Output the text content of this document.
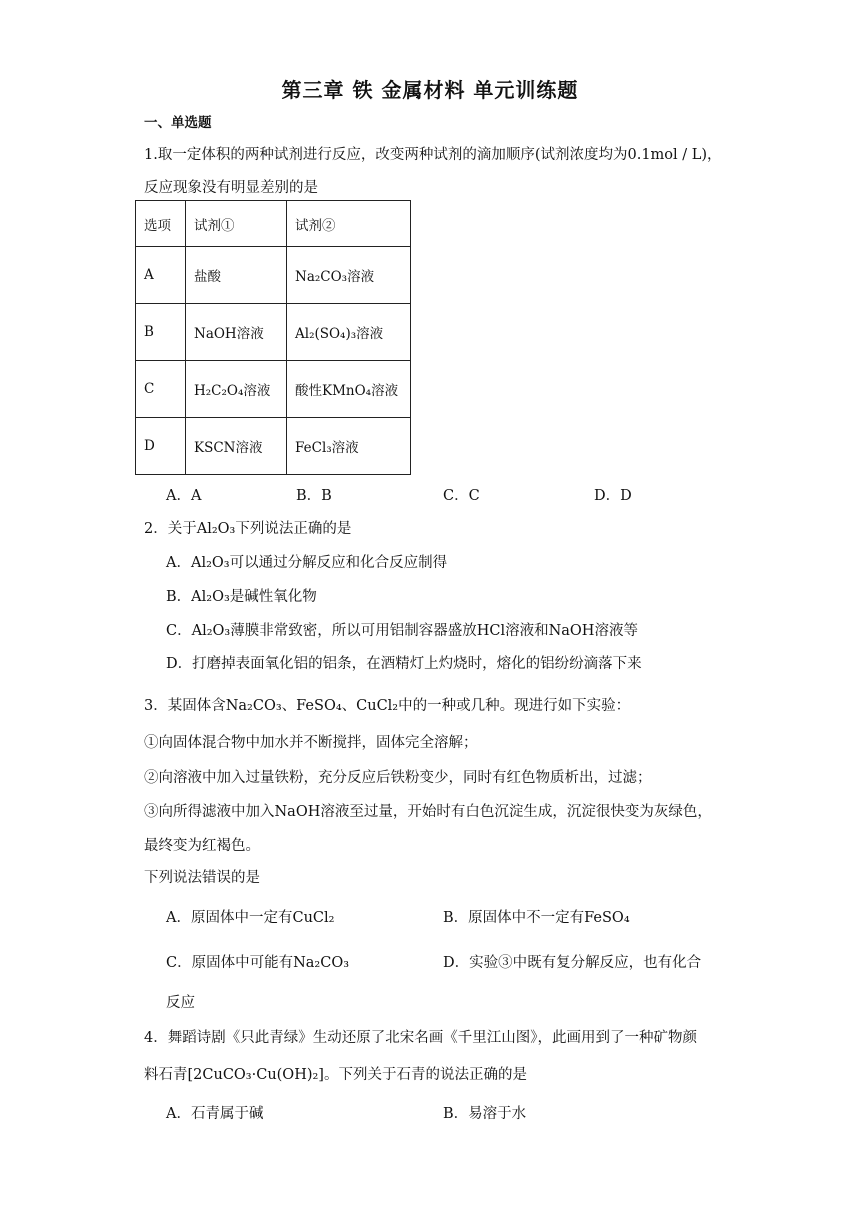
第三章 铁 金属材料 单元训练题
一、单选题
1.取一定体积的两种试剂进行反应，改变两种试剂的滴加顺序(试剂浓度均为0.1mol / L)，
反应现象没有明显差别的是
选项	试剂①	试剂②
A	盐酸	Na₂CO₃溶液
B	NaOH溶液	Al₂(SO₄)₃溶液
C	H₂C₂O₄溶液	酸性KMnO₄溶液
D	KSCN溶液	FeCl₃溶液
A．A	B．B	C．C	D．D
2．关于Al₂O₃下列说法正确的是
A．Al₂O₃可以通过分解反应和化合反应制得
B．Al₂O₃是碱性氧化物
C．Al₂O₃薄膜非常致密，所以可用铝制容器盛放HCl溶液和NaOH溶液等
D．打磨掉表面氧化铝的铝条，在酒精灯上灼烧时，熔化的铝纷纷滴落下来
3．某固体含Na₂CO₃、FeSO₄、CuCl₂中的一种或几种。现进行如下实验：
①向固体混合物中加水并不断搅拌，固体完全溶解；
②向溶液中加入过量铁粉，充分反应后铁粉变少，同时有红色物质析出，过滤；
③向所得滤液中加入NaOH溶液至过量，开始时有白色沉淀生成，沉淀很快变为灰绿色，
最终变为红褐色。
下列说法错误的是
A．原固体中一定有CuCl₂	B．原固体中不一定有FeSO₄
C．原固体中可能有Na₂CO₃	D．实验③中既有复分解反应，也有化合
反应
4．舞蹈诗剧《只此青绿》生动还原了北宋名画《千里江山图》，此画用到了一种矿物颜
料石青[2CuCO₃·Cu(OH)₂]。下列关于石青的说法正确的是
A．石青属于碱	B．易溶于水
